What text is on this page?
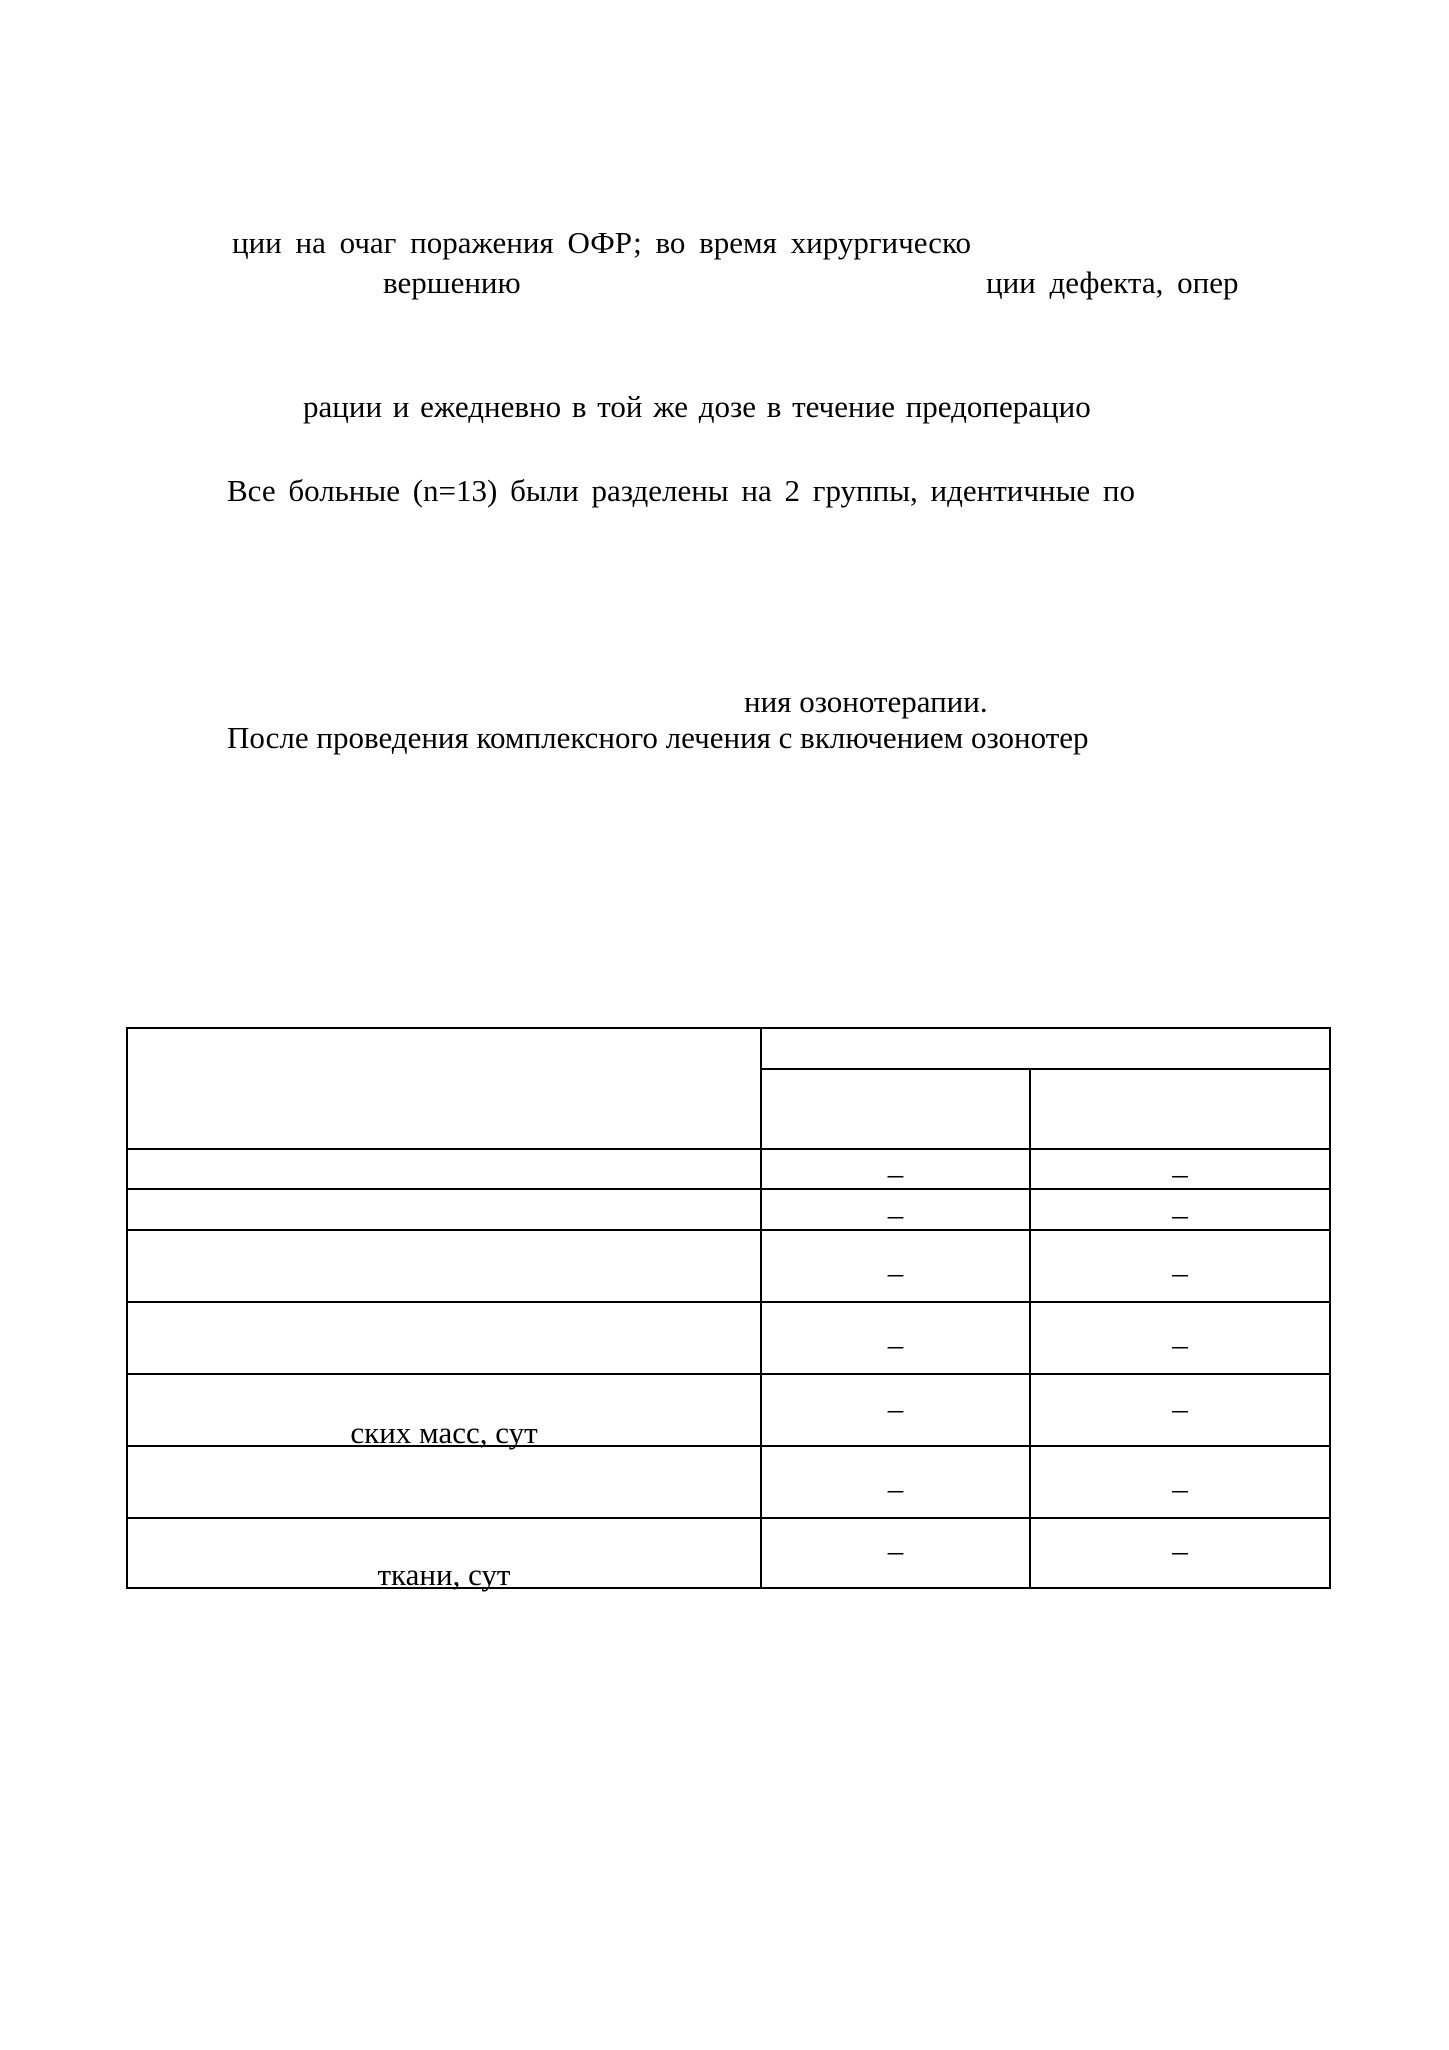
ции на очаг поражения ОФР; во время хирургическо
вершению	ции дефекта, опер
рации и ежедневно в той же дозе в течение предоперацио
Все больные (n=13) были разделены на 2 группы, идентичные по
ния озонотерапии.
После проведения комплексного лечения с включением озонотер

	–	–
	–	–
	–	–
	–	–
ских масс, сут	–	–
	–	–
ткани, сут	–	–
